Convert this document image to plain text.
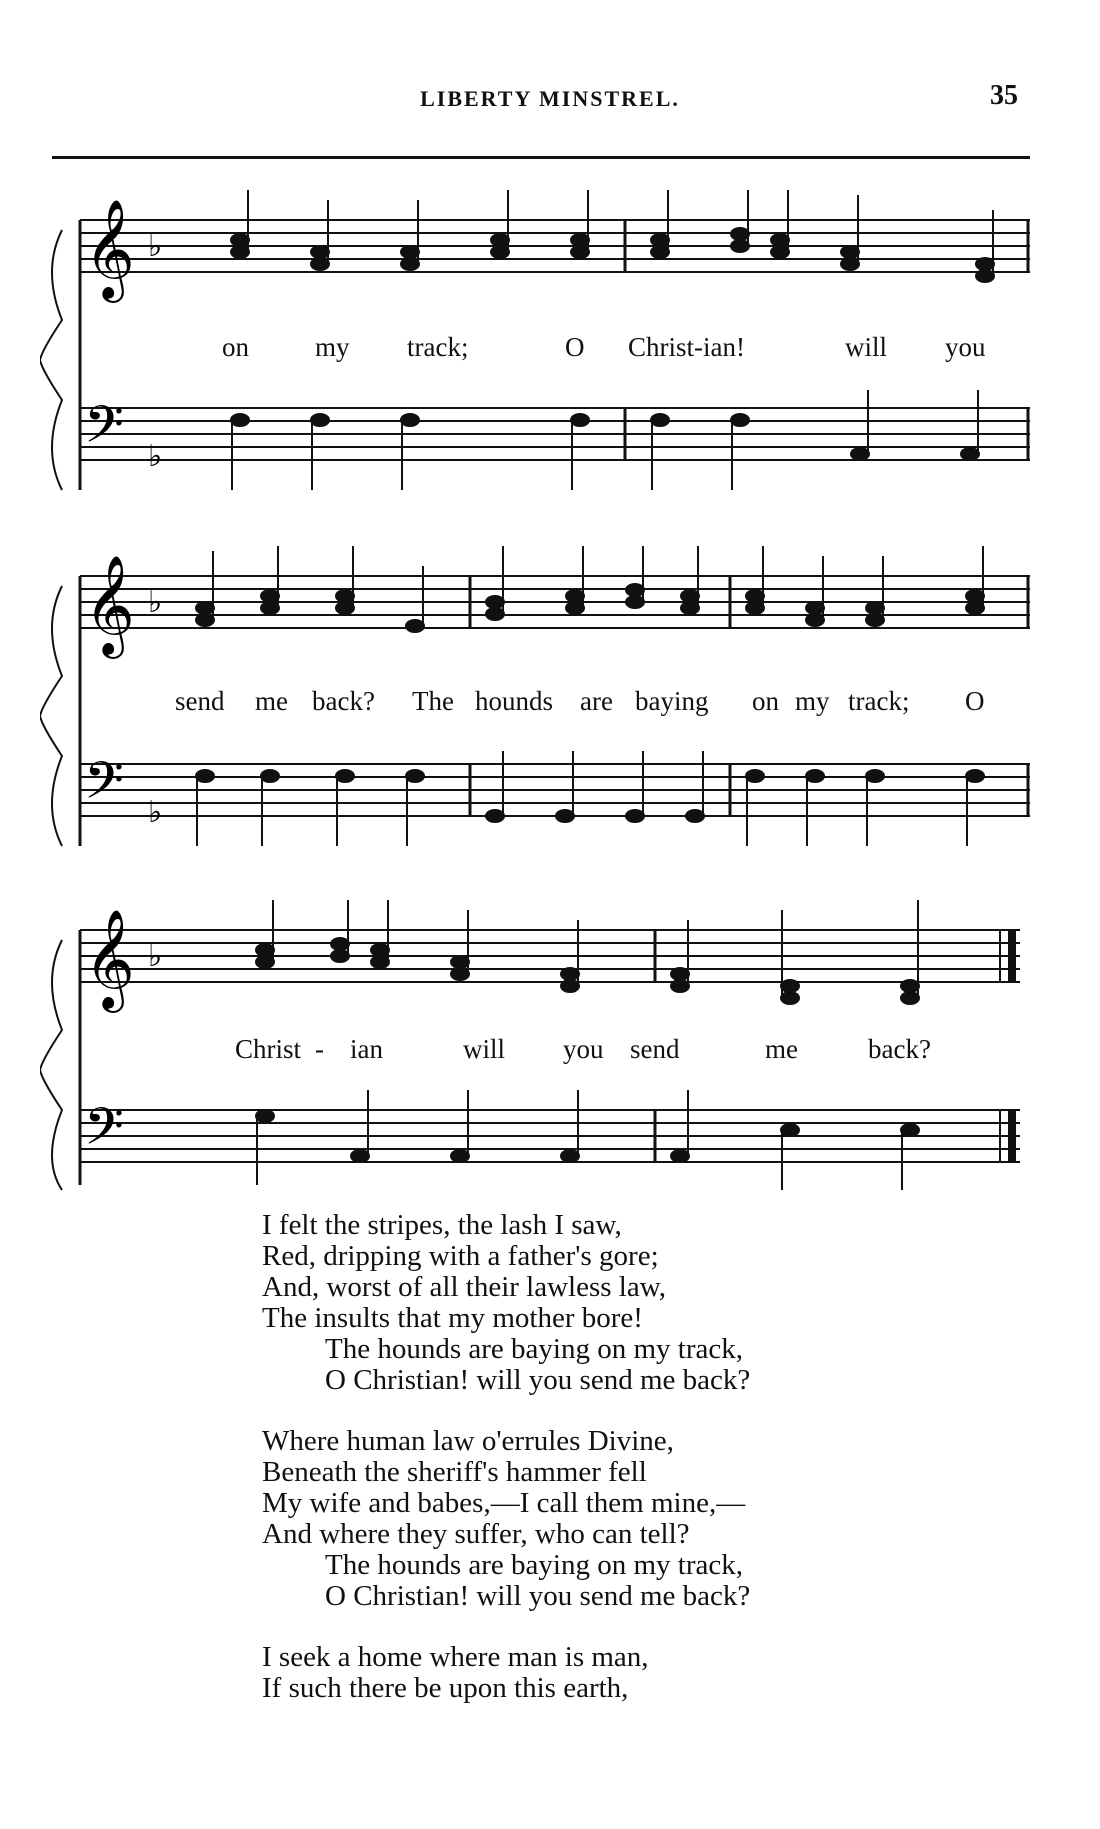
LIBERTY MINSTREL.	35
𝄞
𝄢
♭
♭
on my track;	O Christ-ian!	will you
𝄞
𝄢
♭
♭
send me back? The hounds are baying on my track; O
𝄞
𝄢
♭
Christ - ian	will you send	me	back?
I felt the stripes, the lash I saw,
Red, dripping with a father's gore;
And, worst of all their lawless law,
The insults that my mother bore!
The hounds are baying on my track,
O Christian! will you send me back?
Where human law o'errules Divine,
Beneath the sheriff's hammer fell
My wife and babes,—I call them mine,—
And where they suffer, who can tell?
The hounds are baying on my track,
O Christian! will you send me back?
I seek a home where man is man,
If such there be upon this earth,
